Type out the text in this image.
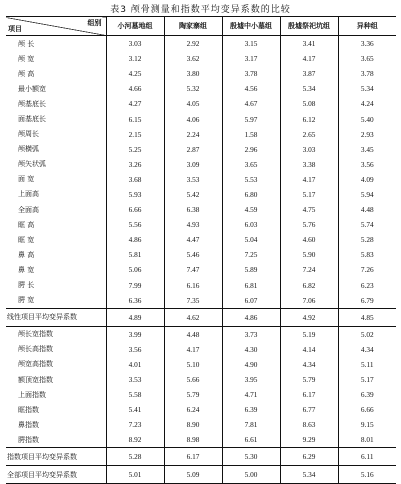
表3 颅骨测量和指数平均变异系数的比较
组别
项目	小河墓地组	陶家寨组	殷墟中小墓组	殷墟祭祀坑组	异种组
颅 长	3.03	2.92	3.15	3.41	3.36
颅 宽	3.12	3.62	3.17	4.17	3.65
颅 高	4.25	3.80	3.78	3.87	3.78
最小额宽	4.66	5.32	4.56	5.34	5.34
颅基底长	4.27	4.05	4.67	5.08	4.24
面基底长	6.15	4.06	5.97	6.12	5.40
颅周长	2.15	2.24	1.58	2.65	2.93
颅横弧	5.25	2.87	2.96	3.03	3.45
颅矢状弧	3.26	3.09	3.65	3.38	3.56
面 宽	3.68	3.53	5.53	4.17	4.09
上面高	5.93	5.42	6.80	5.17	5.94
全面高	6.66	6.38	4.59	4.75	4.48
眶 高	5.56	4.93	6.03	5.76	5.74
眶 宽	4.86	4.47	5.04	4.60	5.28
鼻 高	5.81	5.46	7.25	5.90	5.83
鼻 宽	5.06	7.47	5.89	7.24	7.26
腭 长	7.99	6.16	6.81	6.82	6.23
腭 宽	6.36	7.35	6.07	7.06	6.79
线性项目平均变异系数	4.89	4.62	4.86	4.92	4.85
颅长宽指数	3.99	4.48	3.73	5.19	5.02
颅长高指数	3.56	4.17	4.30	4.14	4.34
颅宽高指数	4.01	5.10	4.90	4.34	5.11
额顶宽指数	3.53	5.66	3.95	5.79	5.17
上面指数	5.58	5.79	4.71	6.17	6.39
眶指数	5.41	6.24	6.39	6.77	6.66
鼻指数	7.23	8.90	7.81	8.63	9.15
腭指数	8.92	8.98	6.61	9.29	8.01
指数项目平均变异系数	5.28	6.17	5.30	6.29	6.11
全部项目平均变异系数	5.01	5.09	5.00	5.34	5.16
